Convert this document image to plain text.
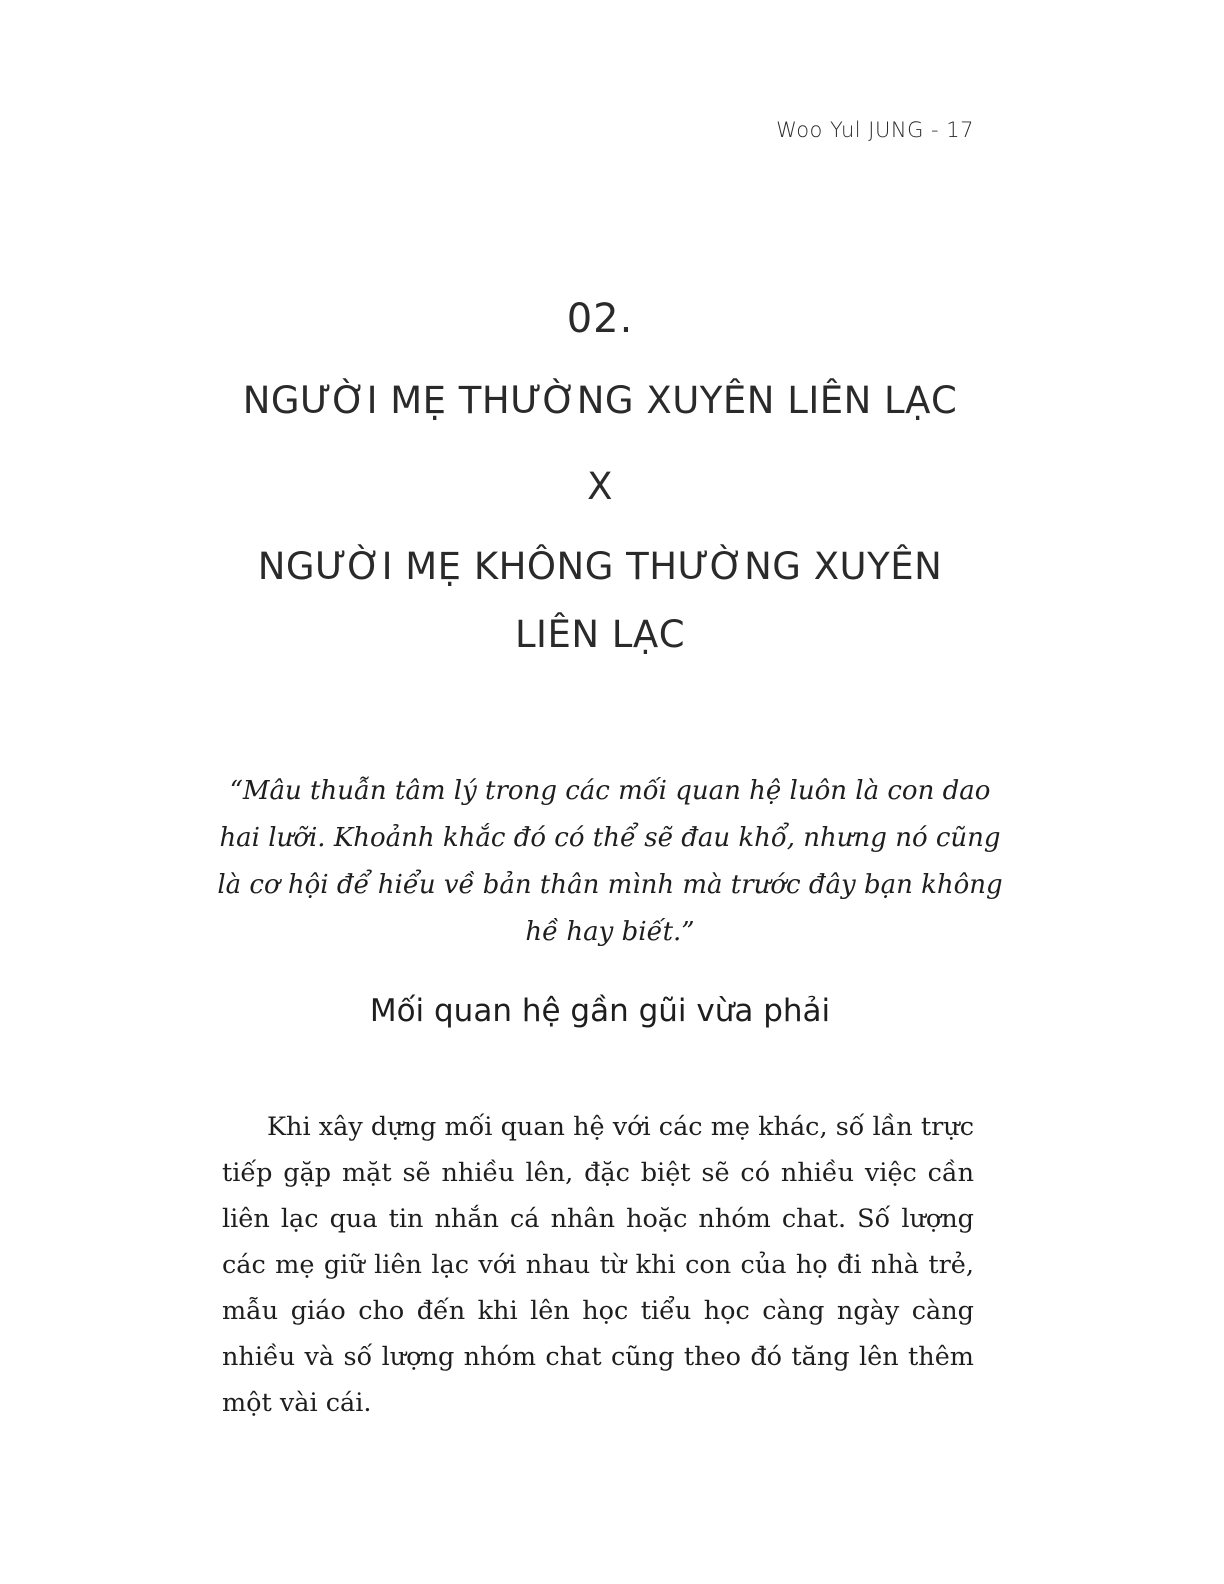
Woo Yul JUNG - 17
02.
NGƯỜI MẸ THƯỜNG XUYÊN LIÊN LẠC
X
NGƯỜI MẸ KHÔNG THƯỜNG XUYÊN
LIÊN LẠC
“Mâu thuẫn tâm lý trong các mối quan hệ luôn là con dao hai lưỡi. Khoảnh khắc đó có thể sẽ đau khổ, nhưng nó cũng là cơ hội để hiểu về bản thân mình mà trước đây bạn không hề hay biết.”
Mối quan hệ gần gũi vừa phải

Khi xây dựng mối quan hệ với các mẹ khác, số lần trực tiếp gặp mặt sẽ nhiều lên, đặc biệt sẽ có nhiều việc cần liên lạc qua tin nhắn cá nhân hoặc nhóm chat. Số lượng các mẹ giữ liên lạc với nhau từ khi con của họ đi nhà trẻ, mẫu giáo cho đến khi lên học tiểu học càng ngày càng nhiều và số lượng nhóm chat cũng theo đó tăng lên thêm một vài cái.
